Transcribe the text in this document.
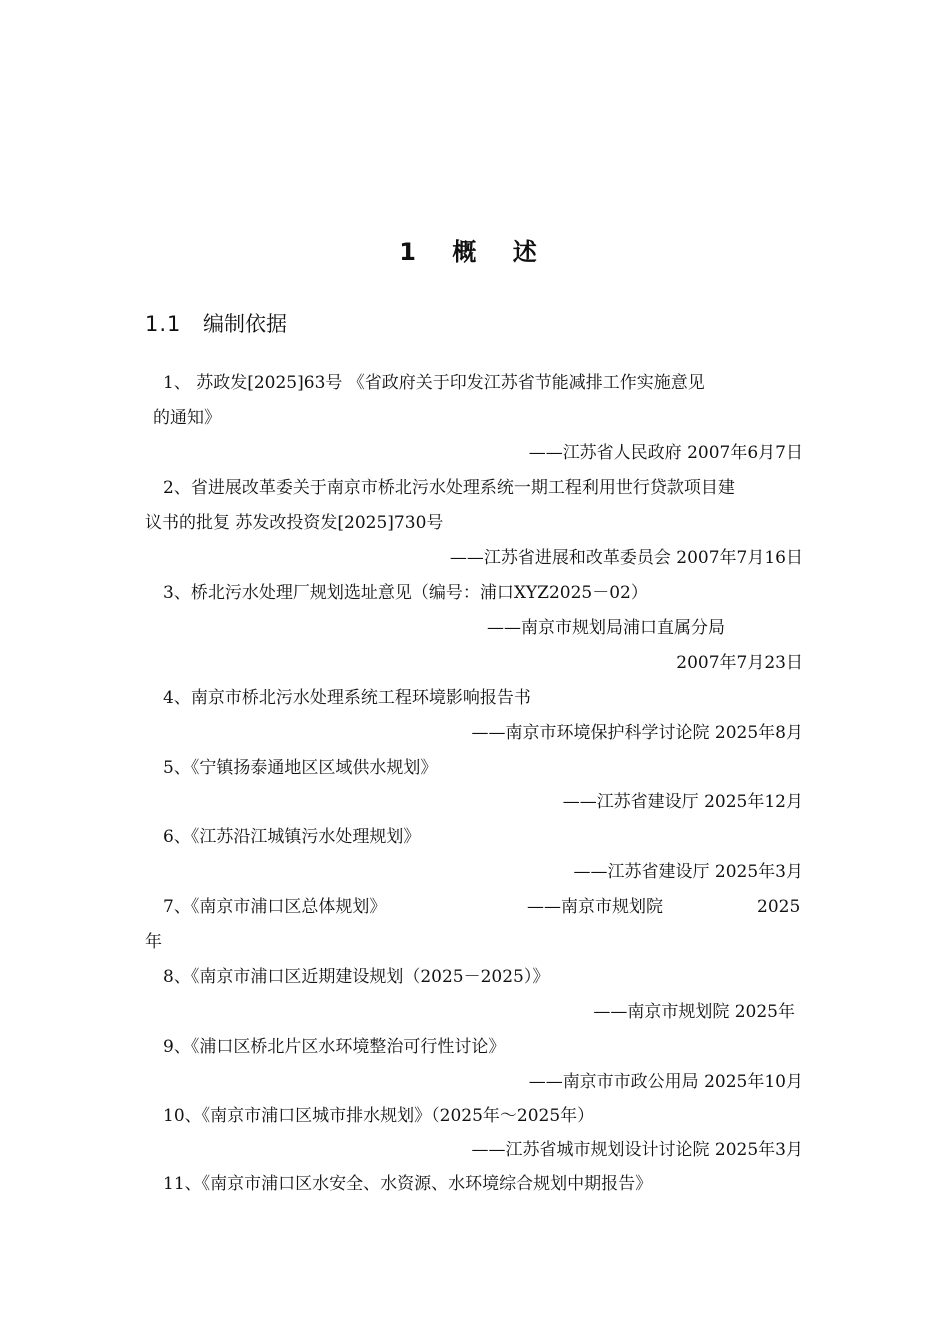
1 概 述
1.1 编制依据
1、 苏政发[2025]63号 《省政府关于印发江苏省节能减排工作实施意见
的通知》
——江苏省人民政府 2007年6月7日
2、省进展改革委关于南京市桥北污水处理系统一期工程利用世行贷款项目建
议书的批复 苏发改投资发[2025]730号
——江苏省进展和改革委员会 2007年7月16日
3、桥北污水处理厂规划选址意见（编号：浦口XYZ2025－02）
——南京市规划局浦口直属分局
2007年7月23日
4、南京市桥北污水处理系统工程环境影响报告书
——南京市环境保护科学讨论院 2025年8月
5、《宁镇扬泰通地区区域供水规划》
——江苏省建设厅 2025年12月
6、《江苏沿江城镇污水处理规划》
——江苏省建设厅 2025年3月
7、《南京市浦口区总体规划》	——南京市规划院	2025
年
8、《南京市浦口区近期建设规划（2025－2025）》
——南京市规划院 2025年
9、《浦口区桥北片区水环境整治可行性讨论》
——南京市市政公用局 2025年10月
10、《南京市浦口区城市排水规划》（2025年～2025年）
——江苏省城市规划设计讨论院 2025年3月
11、《南京市浦口区水安全、水资源、水环境综合规划中期报告》
